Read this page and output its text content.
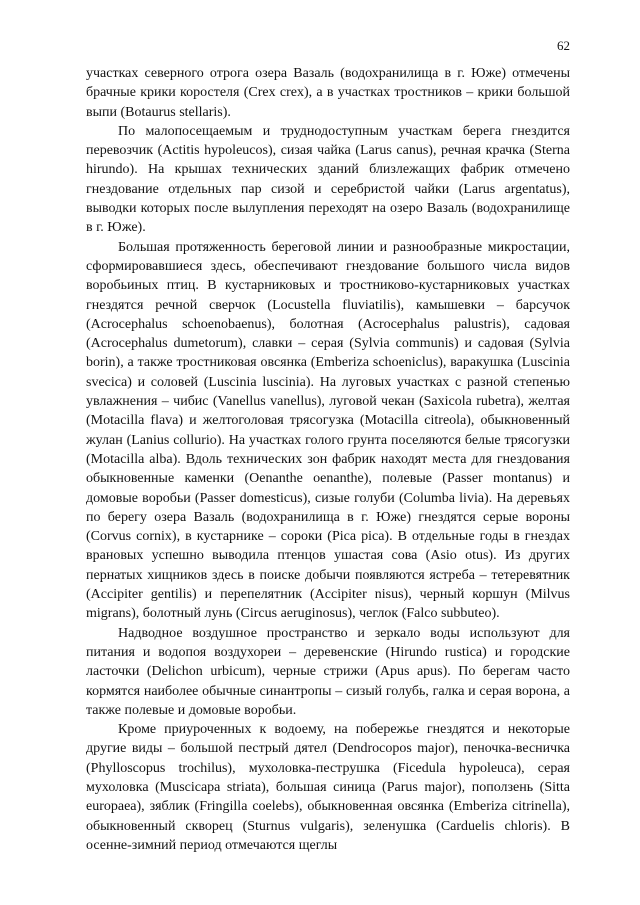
62

участках северного отрога озера Вазаль (водохранилища в г. Юже) отмечены брачные крики коростеля (Crex crex), а в участках тростников – крики большой выпи (Botaurus stellaris).

По малопосещаемым и труднодоступным участкам берега гнездится перевозчик (Actitis hypoleucos), сизая чайка (Larus canus), речная крачка (Sterna hirundo). На крышах технических зданий близлежащих фабрик отмечено гнездование отдельных пар сизой и серебристой чайки (Larus argentatus), выводки которых после вылупления переходят на озеро Вазаль (водохранилище в г. Юже).

Большая протяженность береговой линии и разнообразные микростации, сформировавшиеся здесь, обеспечивают гнездование большого числа видов воробьиных птиц. В кустарниковых и тростниково-кустарниковых участках гнездятся речной сверчок (Locustella fluviatilis), камышевки – барсучок (Acrocephalus schoenobaenus), болотная (Acrocephalus palustris), садовая (Acrocephalus dumetorum), славки – серая (Sylvia communis) и садовая (Sylvia borin), а также тростниковая овсянка (Emberiza schoeniclus), варакушка (Luscinia svecica) и соловей (Luscinia luscinia). На луговых участках с разной степенью увлажнения – чибис (Vanellus vanellus), луговой чекан (Saxicola rubetra), желтая (Motacilla flava) и желтоголовая трясогузка (Motacilla citreola), обыкновенный жулан (Lanius collurio). На участках голого грунта поселяются белые трясогузки (Motacilla alba). Вдоль технических зон фабрик находят места для гнездования обыкновенные каменки (Oenanthe oenanthe), полевые (Passer montanus) и домовые воробьи (Passer domesticus), сизые голуби (Columba livia). На деревьях по берегу озера Вазаль (водохранилища в г. Юже) гнездятся серые вороны (Corvus cornix), в кустарнике – сороки (Pica pica). В отдельные годы в гнездах врановых успешно выводила птенцов ушастая сова (Asio otus). Из других пернатых хищников здесь в поиске добычи появляются ястреба – тетеревятник (Accipiter gentilis) и перепелятник (Accipiter nisus), черный коршун (Milvus migrans), болотный лунь (Circus aeruginosus), чеглок (Falco subbuteo).

Надводное воздушное пространство и зеркало воды используют для питания и водопоя воздухореи – деревенские (Hirundo rustica) и городские ласточки (Delichon urbicum), черные стрижи (Apus apus). По берегам часто кормятся наиболее обычные синантропы – сизый голубь, галка и серая ворона, а также полевые и домовые воробьи.

Кроме приуроченных к водоему, на побережье гнездятся и некоторые другие виды – большой пестрый дятел (Dendrocopos major), пеночка-весничка (Phylloscopus trochilus), мухоловка-пеструшка (Ficedula hypoleuca), серая мухоловка (Muscicapa striata), большая синица (Parus major), поползень (Sitta europaea), зяблик (Fringilla coelebs), обыкновенная овсянка (Emberiza citrinella), обыкновенный скворец (Sturnus vulgaris), зеленушка (Carduelis chloris). В осенне-зимний период отмечаются щеглы
